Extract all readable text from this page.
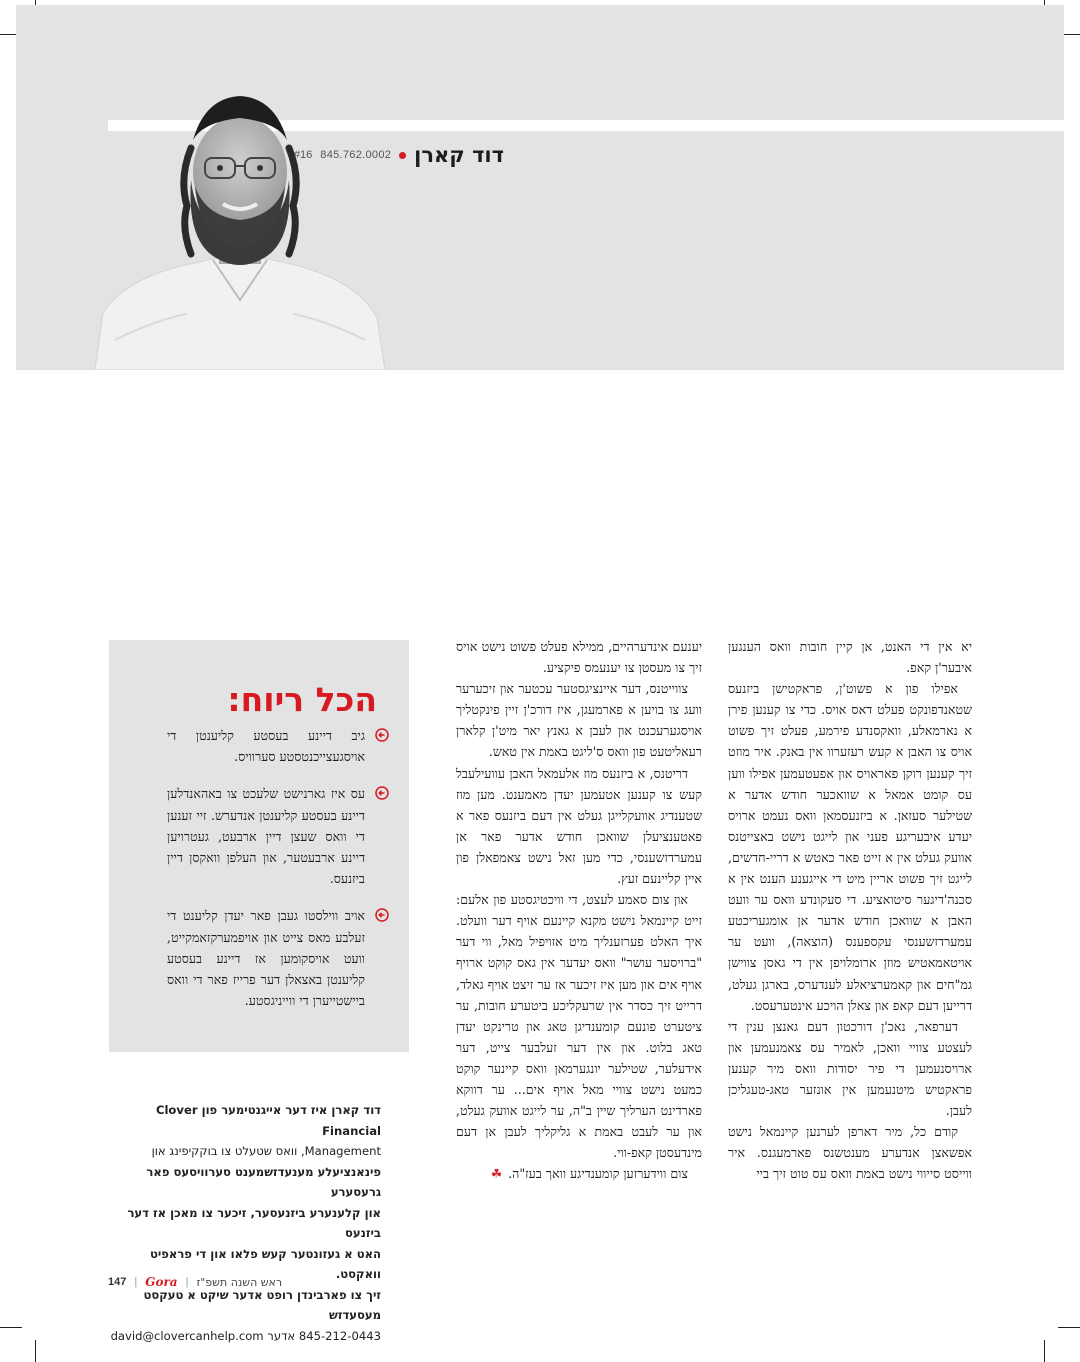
דוד קארן
845.762.0002
#16

יא אין די האנט, אן קיין חובות וואס הענגען איבער'ן קאפ.

אפילו פון א פשוט'ן, פראקטישן ביזנעס שטאנדפונקט פעלט דאס אויס. כדי צו קענען פירן א נארמאלע, וואקסנדע פירמע, פעלט זיך פשוט אויס צו האבן א קעש רעזערוו אין באנק. איר מוזט זיך קענען רוקן פאראויס און אפעטעמען אפילו ווען עס קומט אמאל א שוואכער חודש אדער א שטילער סעזאן. א ביזנעסמאן וואס נעמט ארויס יעדע איבעריגע פעני און לייגט נישט באצייטנס אוועק געלט אין א זייט פאר כאטש א דריי-חדשים, לייגט זיך פשוט אריין מיט די אייגענע הענט אין א סכנה'דיגער סיטואציע. די סעקונדע וואס ער וועט האבן א שוואכן חודש אדער אן אומגעריכטע עמערדזשענסי עקספענס (הוצאה), וועט ער אויטאמאטיש מוזן ארומלויפן אין די גאסן צווישן גמ"חים און קאמערציאלע לענדערס, בארגן געלט, דרייען דעם קאפ און צאלן הויכע אינטערעסט.

דערפאר, נאכ'ן דורכטון דעם גאנצן ענין די לעצטע צוויי וואכן, לאמיר עס צאמנעמען און ארויסנעמען די פיר יסודות וואס מיר קענען פראקטיש מיטנעמען אין אונזער טאג-טעגליכן לעבן.

קודם כל, מיר דארפן לערנען קיינמאל נישט אפשאצן אנדערע מענטשנס פארמעגנס. איר ווייסט סייווי נישט באמת וואס עס טוט זיך ביי

יענעם אינדערהיים, ממילא פעלט פשוט נישט אויס זיך צו מעסטן צו יענעמס פיקציע.

צווייטנס, דער איינציגסטער עכטער און זיכערער וועג צו בויען א פארמעגן, איז דורכ'ן זיין פינקטליך אויסגערעכנט און לעבן א גאנץ יאר מיט'ן קלארן רעאליטעט פון וואס ס'ליגט באמת אין טאש.

דריטנס, א ביזנעס מוז אלעמאל האבן עוועילעבל קעש צו קענען אטעמען יעדן מאמענט. מען מוז שטענדיג אוועקלייגן געלט אין דעם ביזנעס פאר א פאטענציעלן שוואכן חודש אדער פאר אן עמערדזשענסי, כדי מען זאל נישט צאמפאלן פון איין קליינעם זעץ.

און צום סאמע לעצט, די וויכטיגסטע פון אלעם: זייט קיינמאל נישט מקנא קיינעם אויף דער וועלט. איך האלט פערזענליך מיט אזויפיל מאל, ווי דער "ברויסער עושר" וואס יעדער אין גאס קוקט ארויף אויף אים און מען איז זיכער אז ער זיצט אויף גאלד, דרייט זיך כסדר אין שרעקליכע ביטערע חובות, ער ציטערט פונעם קומענדיגן טאג און טרינקט יעדן טאג בלוט. און אין דער זעלבער צייט, דער אידעלער, שטילער יונגערמאן וואס קיינער קוקט כמעט נישט צוויי מאל אויף אים... ער דווקא פארדינט הערליך שיין ב"ה, ער לייגט אוועק געלט, און ער לעבט באמת א גליקליך לעבן אן דעם מינדעסטן קאפ-ווי.

צום ווידערזען קומענדיגע וואך בעז"ה.☘

הכל ריוח:
גיב דיינע בעסטע קליענטן די אויסגעצייכנטסטע סערוויס.
עס איז גארנישט שלעכט צו באהאנדלען דיינע בעסטע קליענטן אנדערש. זיי זענען די וואס שעצן דיין ארבעט, געטרויען דיינע ארבעטער, און העלפן וואקסן דיין ביזנעס.
אויב ווילסטו געבן פאר יעדן קליענט די זעלבע מאס צייט און אויפמערקזאמקייט, וועט אויסקומען אז דיינע בעסטע קליענטן באצאלן דער פרייז פאר די וואס ביישטייערן די ווייניגסטע.

דוד קארן איז דער אייגנטימער פון Clover Financial

Management, וואס שטעלט צו בוקקיפינג און

פינאנציעלע מענעדזשמענט סערוויסעס פאר גרעסערע

און קלענערע ביזנעסער, זיכער צו מאכן אז דער ביזנעס

האט א געזונטער קעש פלאו און די פראפיט וואקסט.

זיך צו פארבינדן רופט אדער שיקט א טעקסט מעסעדזש

845-212-0443 אדער david@clovercanhelp.com

147 | Gora | ראש השנה תשפ"ז
